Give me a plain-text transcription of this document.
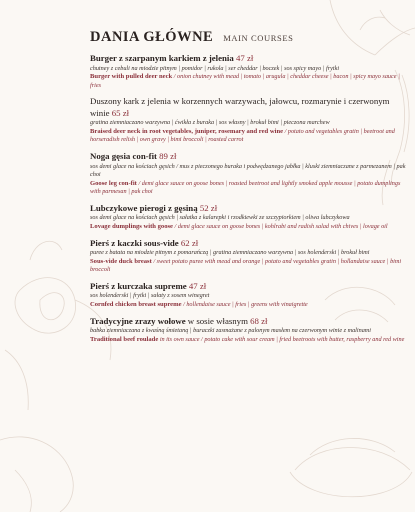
DANIA GŁÓWNE MAIN COURSES
Burger z szarpanym karkiem z jelenia 47 zł
chutney z cebuli na miodzie pitnym | pomidor | rukola | ser cheddar | boczek | sos spicy mayo | frytki
Burger with pulled deer neck / onion chutney with mead | tomato | arugula | cheddar cheese | bacon | spicy mayo sauce | fries
Duszony kark z jelenia w korzennych warzywach, jałowcu, rozmarynie i czerwonym winie 65 zł
gratina ziemniaczano warzywna | ćwikła z buraka | sos własny | brokuł bimi | pieczona marchew
Braised deer neck in root vegetables, juniper, rosemary and red wine / potato and vegetables gratin | beetroot and horseradish relish | own gravy | bimi broccoli | roasted carrot
Noga gęsia con-fit 89 zł
sos demi glace na kościach gęsich / mus z pieczonego buraka i podwędzanego jabłka | kluski ziemniaczane z parmezanem | pak choi
Goose leg con-fit / demi glace sauce on goose bones | roasted beetroot and lightly smoked apple mousse | potato dumplings with parmesan | pak choi
Lubczykowe pierogi z gęsiną 52 zł
sos demi glace na kościach gęsich | sałatka z kalarepki i rzodkiewki ze szczypiorkiem | oliwa lubczykowa
Lovage dumplings with goose / demi glace sauce on goose bones | kohlrabi and radish salad with chives | lovage oil
Pierś z kaczki sous-vide 62 zł
puree z batata na miodzie pitnym z pomarańczą | gratina ziemniaczano warzywna | sos holenderski | brokuł bimi
Sous-vide duck breast / sweet potato puree with mead and orange | potato and vegetables gratin | hollandaise sauce | bimi broccoli
Pierś z kurczaka supreme 47 zł
sos holenderski | frytki | sałaty z sosem winegret
Cornfed chicken breast supreme / hollendaise sauce | fries | greens with vinaigrette
Tradycyjne zrazy wołowe w sosie własnym 68 zł
babka ziemniaczana z kwaśną śmietaną | buraczki zasmażane z palonym masłem na czerwonym winie z malinami
Traditional beef roulade in its own sauce / potato cake with sour cream | fried beetroots with butter, raspberry and red wine
